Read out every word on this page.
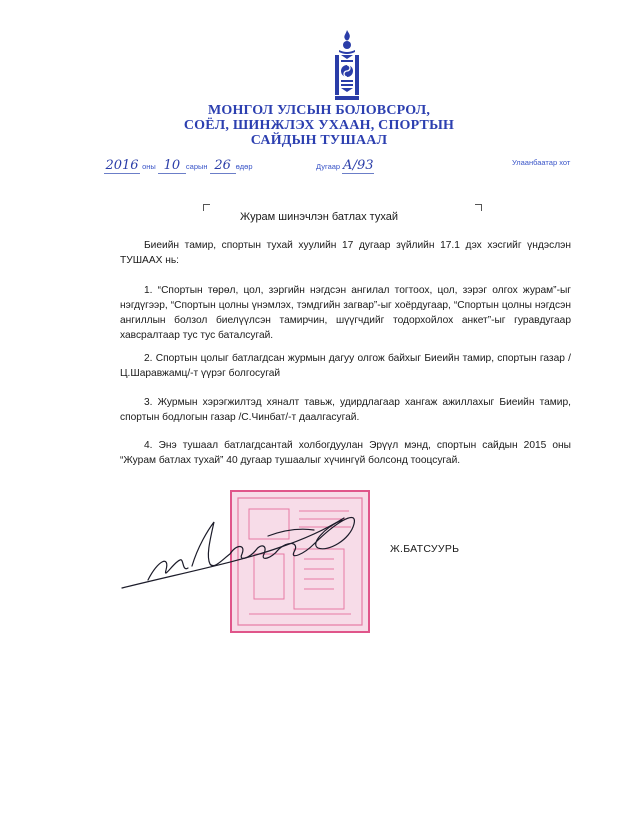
МОНГОЛ УЛСЫН БОЛОВСРОЛ,
СОЁЛ, ШИНЖЛЭХ УХААН, СПОРТЫН
САЙДЫН ТУШААЛ
2016 оны 10 сарын 26 өдөр	Дугаар А/93	Улаанбаатар хот
Журам шинэчлэн батлах тухай

Биеийн тамир, спортын тухай хуулийн 17 дугаар зүйлийн 17.1 дэх хэсгийг үндэслэн ТУШААХ нь:

1. “Спортын төрөл, цол, зэргийн нэгдсэн ангилал тогтоох, цол, зэрэг олгох журам”-ыг нэгдүгээр, “Спортын цолны үнэмлэх, тэмдгийн загвар”-ыг хоёрдугаар, “Спортын цолны нэгдсэн ангиллын болзол биелүүлсэн тамирчин, шүүгчдийг тодорхойлох анкет”-ыг гуравдугаар хавсралтаар тус тус баталсугай.

2. Спортын цолыг батлагдсан журмын дагуу олгож байхыг Биеийн тамир, спортын газар /Ц.Шаравжамц/-т үүрэг болгосугай

3. Журмын хэрэгжилтэд хяналт тавьж, удирдлагаар хангаж ажиллахыг Биеийн тамир, спортын бодлогын газар /С.Чинбат/-т даалгасугай.

4. Энэ тушаал батлагдсантай холбогдуулан Эрүүл мэнд, спортын сайдын 2015 оны “Журам батлах тухай” 40 дугаар тушаалыг хүчингүй болсонд тооцсугай.

Ж.БАТСУУРЬ
